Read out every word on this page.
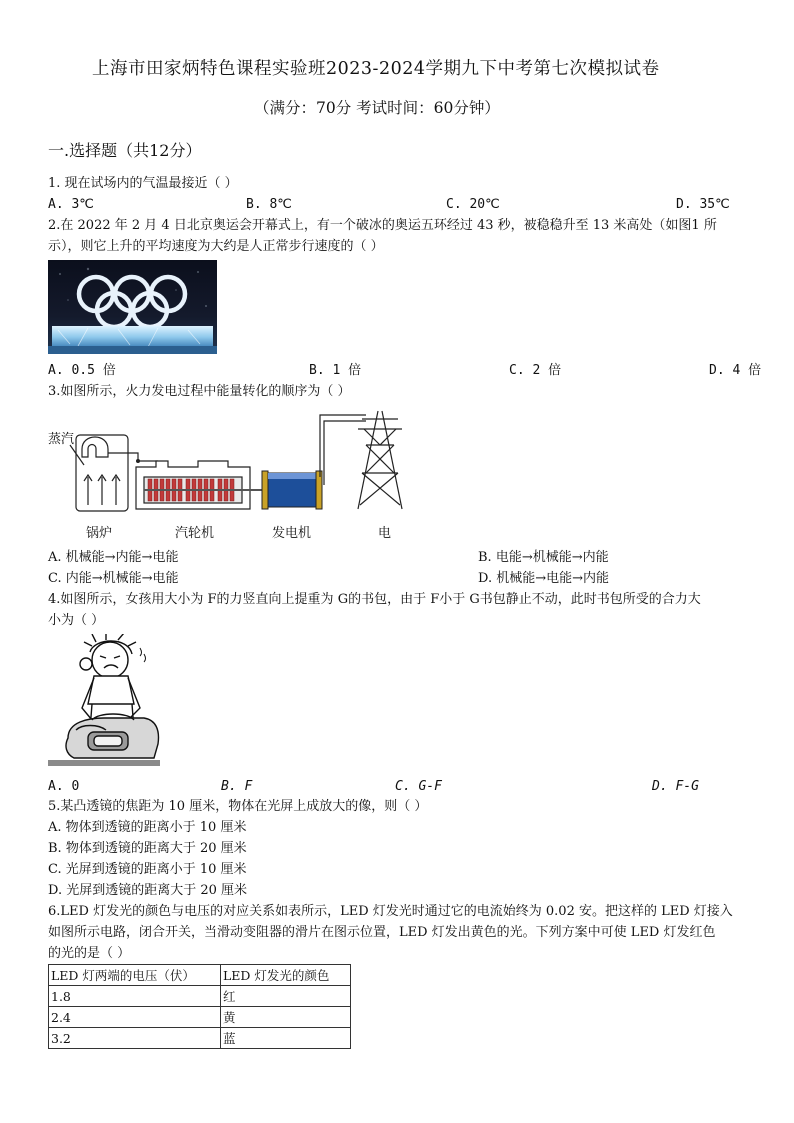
上海市田家炳特色课程实验班2023-2024学期九下中考第七次模拟试卷
（满分：70分 考试时间：60分钟）
一.选择题（共12分）
1. 现在试场内的气温最接近（ ）
A. 3℃	B. 8℃	C. 20℃	D. 35℃
2.在 2022 年 2 月 4 日北京奥运会开幕式上，有一个破冰的奥运五环经过 43 秒，被稳稳升至 13 米高处（如图1 所
示），则它上升的平均速度为大约是人正常步行速度的（ ）
A. 0.5 倍	B. 1 倍	C. 2 倍	D. 4 倍
3.如图所示，火力发电过程中能量转化的顺序为（ ）
蒸汽
锅炉	汽轮机	发电机	电
A. 机械能→内能→电能	B. 电能→机械能→内能
C. 内能→机械能→电能	D. 机械能→电能→内能
4.如图所示，女孩用大小为 F的力竖直向上提重为 G的书包，由于 F小于 G书包静止不动，此时书包所受的合力大
小为（ ）
A. 0	B. F	C. G-F	D. F-G
5.某凸透镜的焦距为 10 厘米，物体在光屏上成放大的像，则（ ）
A. 物体到透镜的距离小于 10 厘米
B. 物体到透镜的距离大于 20 厘米
C. 光屏到透镜的距离小于 10 厘米
D. 光屏到透镜的距离大于 20 厘米
6.LED 灯发光的颜色与电压的对应关系如表所示，LED 灯发光时通过它的电流始终为 0.02 安。把这样的 LED 灯接入
如图所示电路，闭合开关，当滑动变阻器的滑片在图示位置，LED 灯发出黄色的光。下列方案中可使 LED 灯发红色
的光的是（ ）
LED 灯两端的电压（伏）	LED 灯发光的颜色
1.8	红
2.4	黄
3.2	蓝
